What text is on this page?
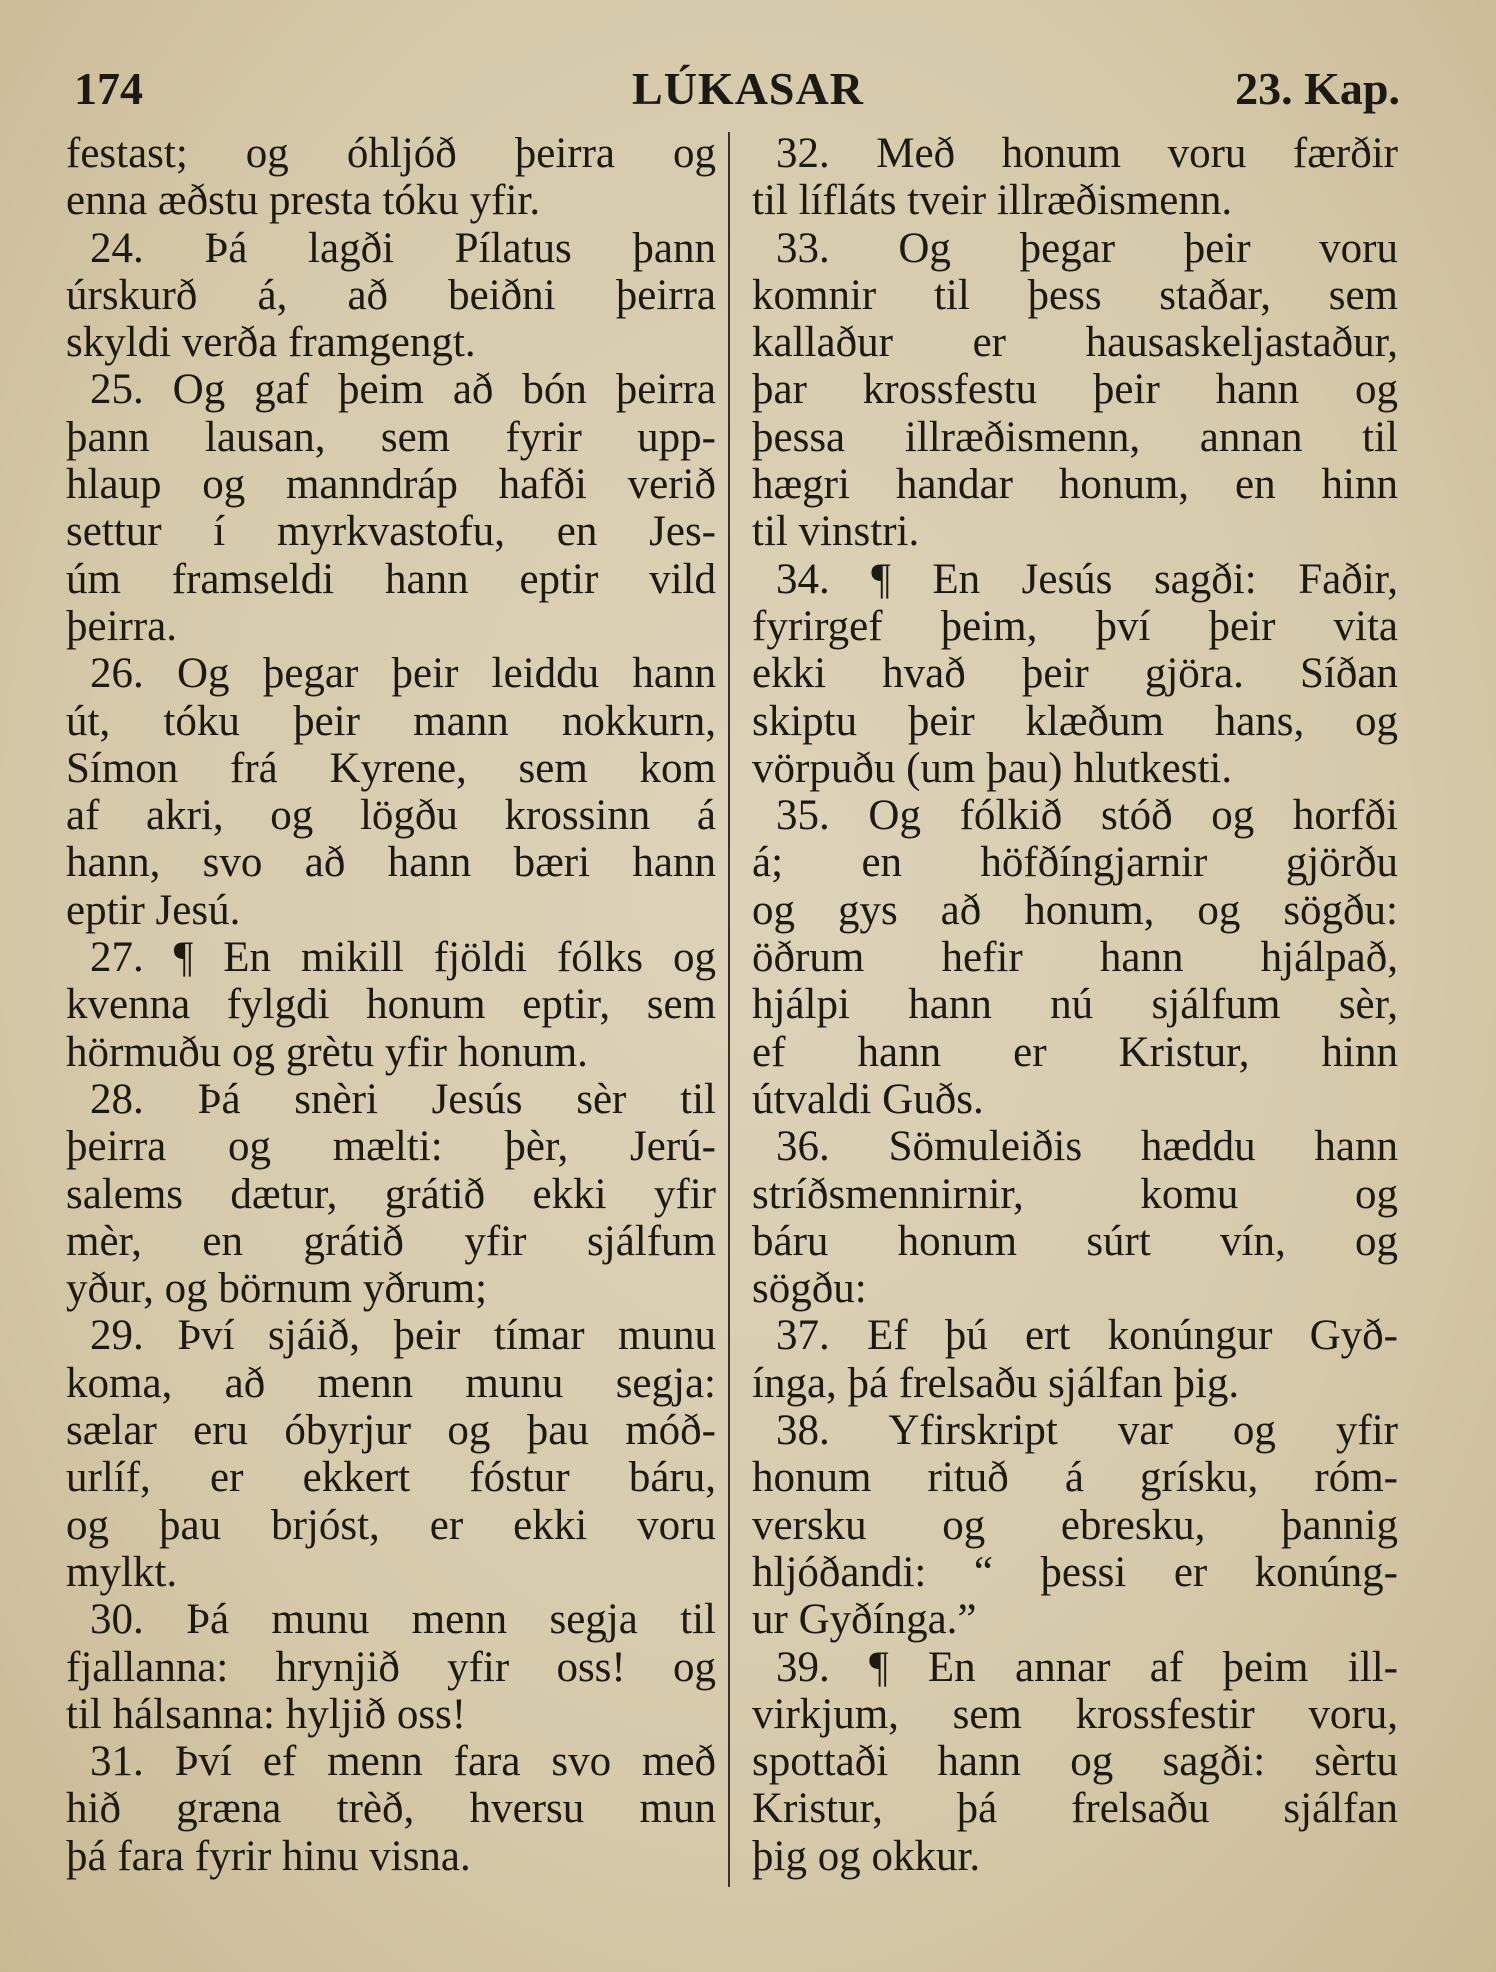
LÚKASAR
174	23. Kap.
festast; og óhljóð þeirra og
enna æðstu presta tóku yfir.
24. Þá lagði Pílatus þann
úrskurð á, að beiðni þeirra
skyldi verða framgengt.
25. Og gaf þeim að bón þeirra
þann lausan, sem fyrir upp-
hlaup og manndráp hafði verið
settur í myrkvastofu, en Jes-
úm framseldi hann eptir vild
þeirra.
26. Og þegar þeir leiddu hann
út, tóku þeir mann nokkurn,
Símon frá Kyrene, sem kom
af akri, og lögðu krossinn á
hann, svo að hann bæri hann
eptir Jesú.
27. ¶ En mikill fjöldi fólks og
kvenna fylgdi honum eptir, sem
hörmuðu og grètu yfir honum.
28. Þá snèri Jesús sèr til
þeirra og mælti: þèr, Jerú-
salems dætur, grátið ekki yfir
mèr, en grátið yfir sjálfum
yður, og börnum yðrum;
29. Því sjáið, þeir tímar munu
koma, að menn munu segja:
sælar eru óbyrjur og þau móð-
urlíf, er ekkert fóstur báru,
og þau brjóst, er ekki voru
mylkt.
30. Þá munu menn segja til
fjallanna: hrynjið yfir oss! og
til hálsanna: hyljið oss!
31. Því ef menn fara svo með
hið græna trèð, hversu mun
þá fara fyrir hinu visna.
32. Með honum voru færðir
til lífláts tveir illræðismenn.
33. Og þegar þeir voru
komnir til þess staðar, sem
kallaður er hausaskeljastaður,
þar krossfestu þeir hann og
þessa illræðismenn, annan til
hægri handar honum, en hinn
til vinstri.
34. ¶ En Jesús sagði: Faðir,
fyrirgef þeim, því þeir vita
ekki hvað þeir gjöra. Síðan
skiptu þeir klæðum hans, og
vörpuðu (um þau) hlutkesti.
35. Og fólkið stóð og horfði
á; en höfðíngjarnir gjörðu
og gys að honum, og sögðu:
öðrum hefir hann hjálpað,
hjálpi hann nú sjálfum sèr,
ef hann er Kristur, hinn
útvaldi Guðs.
36. Sömuleiðis hæddu hann
stríðsmennirnir, komu og
báru honum súrt vín, og
sögðu:
37. Ef þú ert konúngur Gyð-
ínga, þá frelsaðu sjálfan þig.
38. Yfirskript var og yfir
honum rituð á grísku, róm-
versku og ebresku, þannig
hljóðandi: “ þessi er konúng-
ur Gyðínga.”
39. ¶ En annar af þeim ill-
virkjum, sem krossfestir voru,
spottaði hann og sagði: sèrtu
Kristur, þá frelsaðu sjálfan
þig og okkur.
